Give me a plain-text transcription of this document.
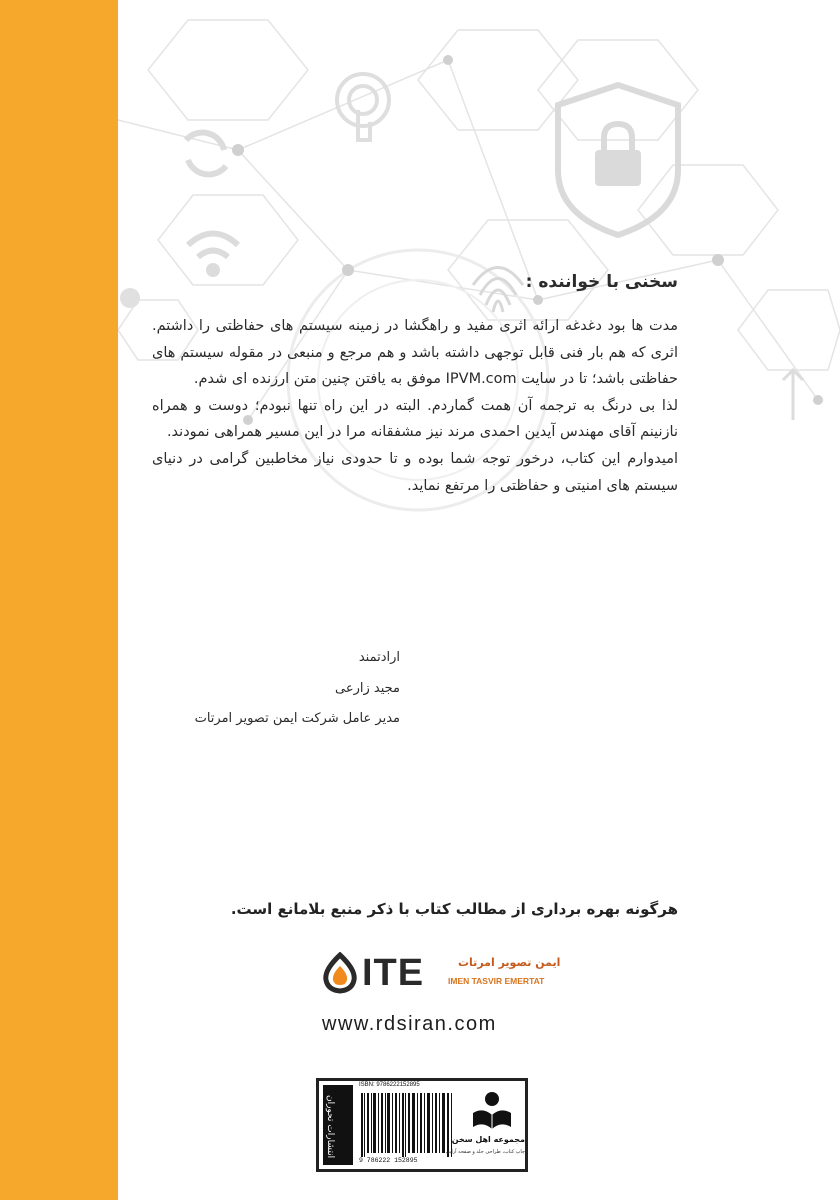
سخنی با خواننده :

مدت ها بود دغدغه ارائه اثری مفید و راهگشا در زمینه سیستم های حفاظتی را داشتم. اثری که هم بار فنی قابل توجهی داشته باشد و هم مرجع و منبعی در مقوله سیستم های حفاظتی باشد؛ تا در سایت IPVM.com موفق به یافتن چنین متن ارزنده ای شدم.

لذا بی درنگ به ترجمه آن همت گماردم. البته در این راه تنها نبودم؛ دوست و همراه نازنینم آقای مهندس آیدین احمدی مرند نیز مشفقانه مرا در این مسیر همراهی نمودند.

امیدوارم این کتاب، درخور توجه شما بوده و تا حدودی نیاز مخاطبین گرامی در دنیای سیستم های امنیتی و حفاظتی را مرتفع نماید.

ارادتمند
مجید زارعی
مدیر عامل شرکت ایمن تصویر امرتات
هرگونه بهره برداری از مطالب کتاب با ذکر منبع بلامانع است.
ITE	ایمن تصویر امرتات
IMEN TASVIR EMERTAT
www.rdsiran.com
انتشارات تحوران
ISBN: 9786222152895
9 786222 152895
مجموعه اهل سخن
چاپ کتاب، طراحی جلد و صفحه آرایی
